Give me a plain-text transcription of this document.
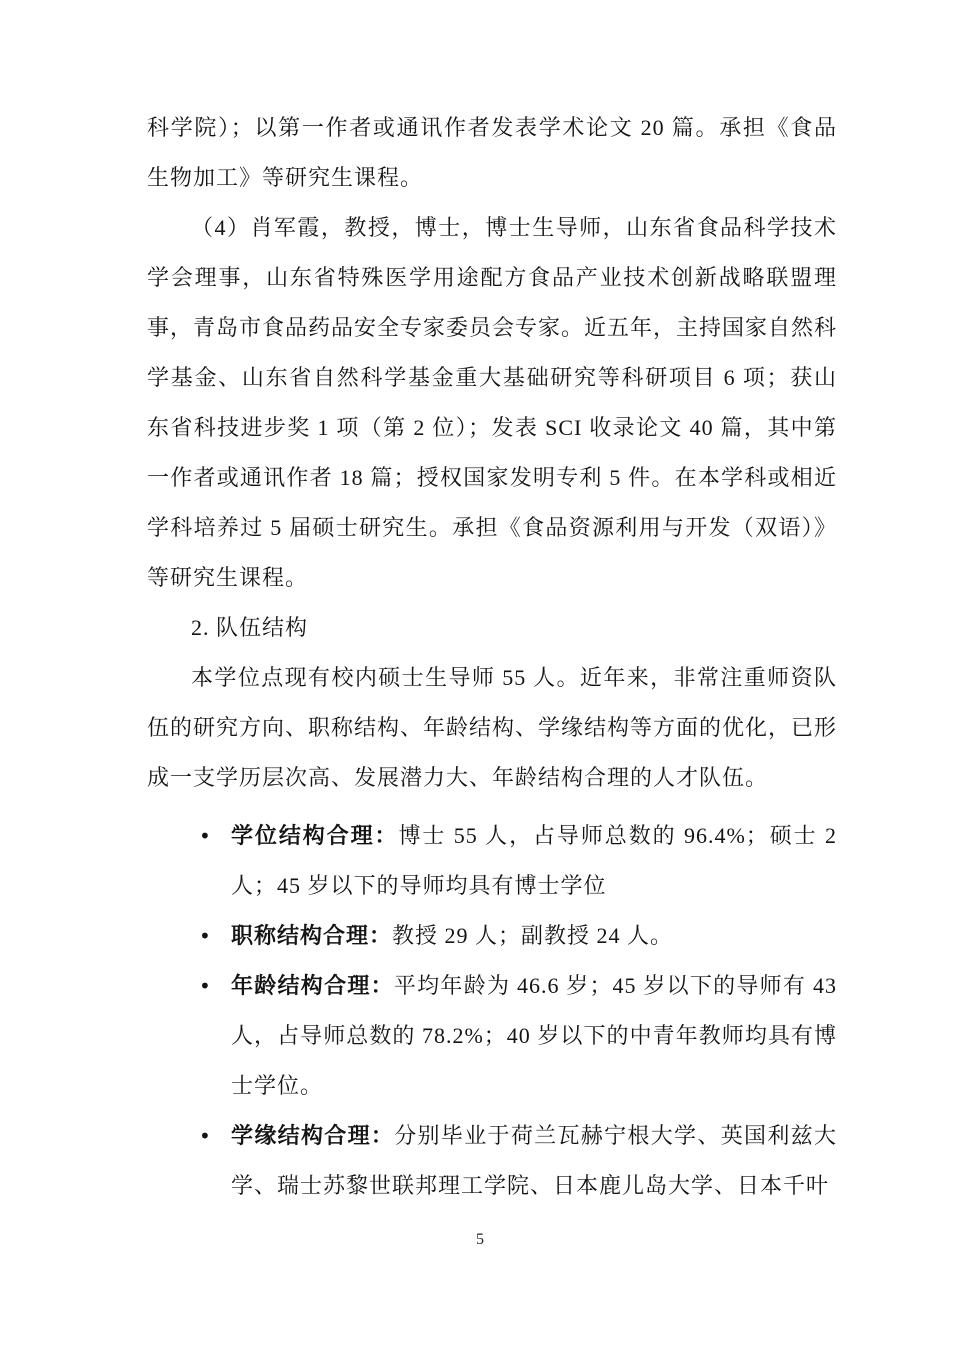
科学院）；以第一作者或通讯作者发表学术论文 20 篇。承担《食品生物加工》等研究生课程。

（4）肖军霞，教授，博士，博士生导师，山东省食品科学技术学会理事，山东省特殊医学用途配方食品产业技术创新战略联盟理事，青岛市食品药品安全专家委员会专家。近五年，主持国家自然科学基金、山东省自然科学基金重大基础研究等科研项目 6 项；获山东省科技进步奖 1 项（第 2 位）；发表 SCI 收录论文 40 篇，其中第一作者或通讯作者 18 篇；授权国家发明专利 5 件。在本学科或相近学科培养过 5 届硕士研究生。承担《食品资源利用与开发（双语）》等研究生课程。

2. 队伍结构

本学位点现有校内硕士生导师 55 人。近年来，非常注重师资队伍的研究方向、职称结构、年龄结构、学缘结构等方面的优化，已形成一支学历层次高、发展潜力大、年龄结构合理的人才队伍。

• 学位结构合理：博士 55 人，占导师总数的 96.4%；硕士 2 人；45 岁以下的导师均具有博士学位
• 职称结构合理：教授 29 人；副教授 24 人。
• 年龄结构合理：平均年龄为 46.6 岁；45 岁以下的导师有 43 人，占导师总数的 78.2%；40 岁以下的中青年教师均具有博士学位。
• 学缘结构合理：分别毕业于荷兰瓦赫宁根大学、英国利兹大学、瑞士苏黎世联邦理工学院、日本鹿儿岛大学、日本千叶
5
